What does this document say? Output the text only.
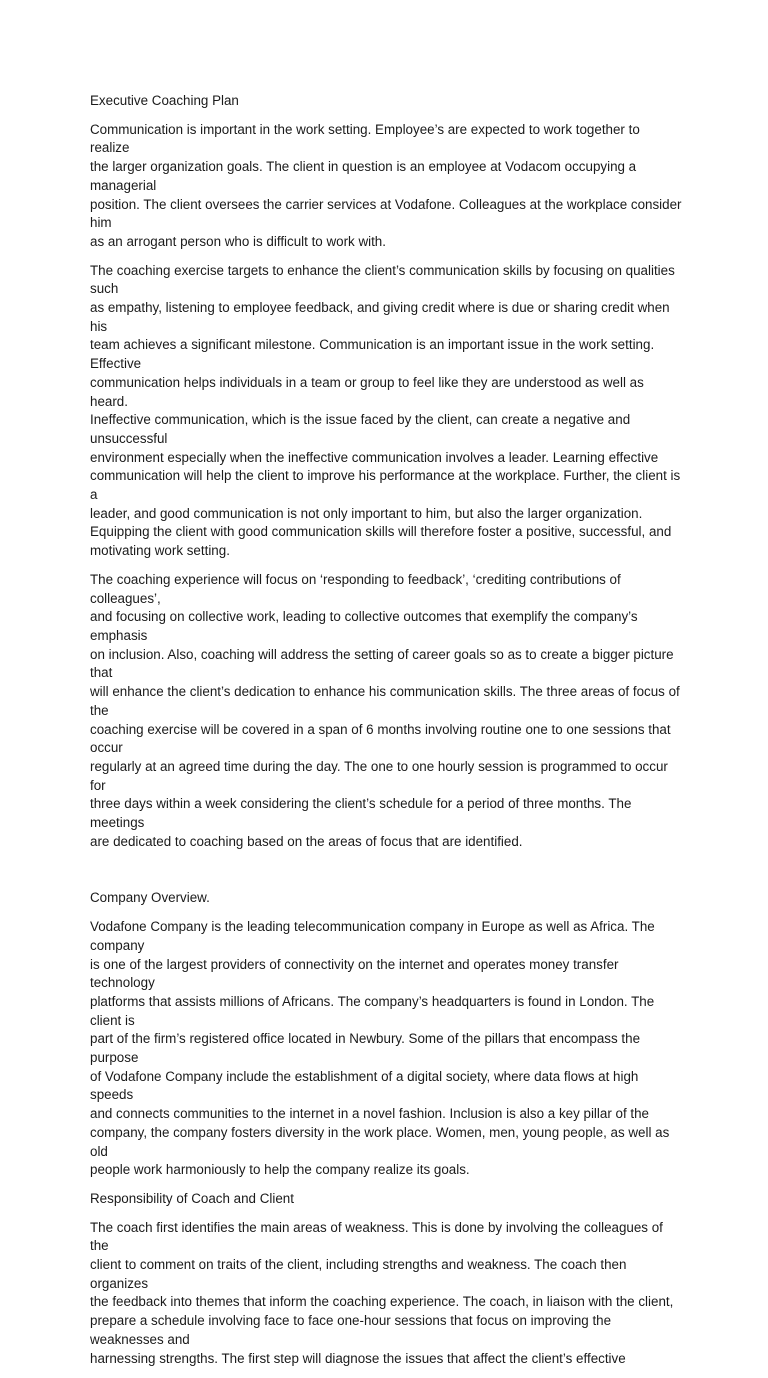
Executive Coaching Plan

Communication is important in the work setting. Employee’s are expected to work together to realize
the larger organization goals. The client in question is an employee at Vodacom occupying a managerial
position. The client oversees the carrier services at Vodafone. Colleagues at the workplace consider him
as an arrogant person who is difficult to work with.

The coaching exercise targets to enhance the client’s communication skills by focusing on qualities such
as empathy, listening to employee feedback, and giving credit where is due or sharing credit when his
team achieves a significant milestone. Communication is an important issue in the work setting. Effective
communication helps individuals in a team or group to feel like they are understood as well as heard.
Ineffective communication, which is the issue faced by the client, can create a negative and unsuccessful
environment especially when the ineffective communication involves a leader. Learning effective
communication will help the client to improve his performance at the workplace. Further, the client is a
leader, and good communication is not only important to him, but also the larger organization.
Equipping the client with good communication skills will therefore foster a positive, successful, and
motivating work setting.

The coaching experience will focus on ‘responding to feedback’, ‘crediting contributions of colleagues’,
and focusing on collective work, leading to collective outcomes that exemplify the company’s emphasis
on inclusion. Also, coaching will address the setting of career goals so as to create a bigger picture that
will enhance the client’s dedication to enhance his communication skills. The three areas of focus of the
coaching exercise will be covered in a span of 6 months involving routine one to one sessions that occur
regularly at an agreed time during the day. The one to one hourly session is programmed to occur for
three days within a week considering the client’s schedule for a period of three months. The meetings
are dedicated to coaching based on the areas of focus that are identified.

Company Overview.

Vodafone Company is the leading telecommunication company in Europe as well as Africa. The company
is one of the largest providers of connectivity on the internet and operates money transfer technology
platforms that assists millions of Africans. The company’s headquarters is found in London. The client is
part of the firm’s registered office located in Newbury. Some of the pillars that encompass the purpose
of Vodafone Company include the establishment of a digital society, where data flows at high speeds
and connects communities to the internet in a novel fashion. Inclusion is also a key pillar of the
company, the company fosters diversity in the work place. Women, men, young people, as well as old
people work harmoniously to help the company realize its goals.

Responsibility of Coach and Client

The coach first identifies the main areas of weakness. This is done by involving the colleagues of the
client to comment on traits of the client, including strengths and weakness. The coach then organizes
the feedback into themes that inform the coaching experience. The coach, in liaison with the client,
prepare a schedule involving face to face one-hour sessions that focus on improving the weaknesses and
harnessing strengths. The first step will diagnose the issues that affect the client’s effective
